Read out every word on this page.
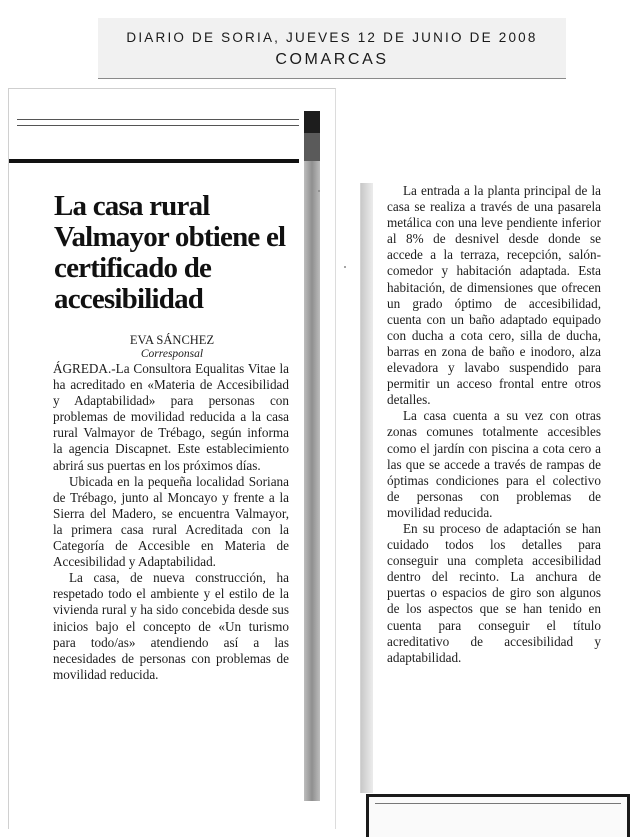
DIARIO DE SORIA, JUEVES 12 DE JUNIO DE 2008
COMARCAS
La casa rural Valmayor obtiene el certificado de accesibilidad
EVA SÁNCHEZ
Corresponsal

ÁGREDA.-La Consultora Equalitas Vitae la ha acreditado en «Materia de Accesibilidad y Adaptabilidad» para personas con problemas de movilidad reducida a la casa rural Valmayor de Trébago, según informa la agencia Discapnet. Este establecimiento abrirá sus puertas en los próximos días.

Ubicada en la pequeña localidad Soriana de Trébago, junto al Moncayo y frente a la Sierra del Madero, se encuentra Valmayor, la primera casa rural Acreditada con la Categoría de Accesible en Materia de Accesibilidad y Adaptabilidad.

La casa, de nueva construcción, ha respetado todo el ambiente y el estilo de la vivienda rural y ha sido concebida desde sus inicios bajo el concepto de «Un turismo para todo/as» atendiendo así a las necesidades de personas con problemas de movilidad reducida.

La entrada a la planta principal de la casa se realiza a través de una pasarela metálica con una leve pendiente inferior al 8% de desnivel desde donde se accede a la terraza, recepción, salón-comedor y habitación adaptada. Esta habitación, de dimensiones que ofrecen un grado óptimo de accesibilidad, cuenta con un baño adaptado equipado con ducha a cota cero, silla de ducha, barras en zona de baño e inodoro, alza elevadora y lavabo suspendido para permitir un acceso frontal entre otros detalles.

La casa cuenta a su vez con otras zonas comunes totalmente accesibles como el jardín con piscina a cota cero a las que se accede a través de rampas de óptimas condiciones para el colectivo de personas con problemas de movilidad reducida.

En su proceso de adaptación se han cuidado todos los detalles para conseguir una completa accesibilidad dentro del recinto. La anchura de puertas o espacios de giro son algunos de los aspectos que se han tenido en cuenta para conseguir el título acreditativo de accesibilidad y adaptabilidad.
